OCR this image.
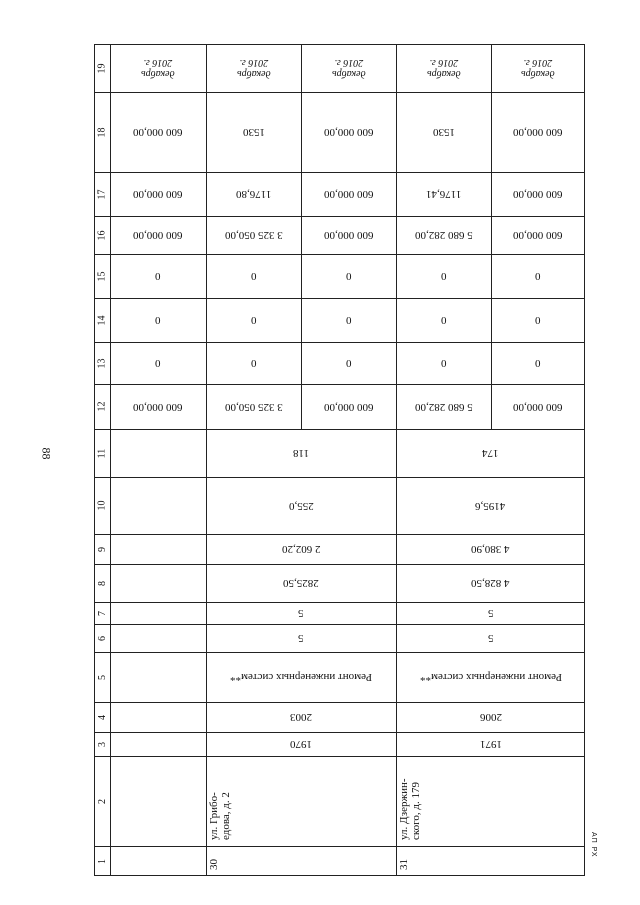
88
АП РХ
1
2
3
4
5
6
7
8
9
10
11
12
13
14
15
16
17
18
19
600 000,00
0
0
0
600 000,00
600 000,00
600 000,00
декабрь
2016 г.
118
255,0
2 602,20
2825,50
5
5
Ремонт инженерных систем**
2003
1970
3 325 050,00
0
0
0
3 325 050,00
1176,80
1530
декабрь
2016 г.
600 000,00
0
0
0
600 000,00
600 000,00
600 000,00
декабрь
2016 г.
30
ул. Грибо- едова, д. 2
174
4195,6
4 380,90
4 828,50
5
5
Ремонт инженерных систем**
2006
1971
5 680 282,00
0
0
0
5 680 282,00
1176,41
1530
декабрь
2016 г.
600 000,00
0
0
0
600 000,00
600 000,00
600 000,00
декабрь
2016 г.
31
ул. Дзержин- ского, д. 179
